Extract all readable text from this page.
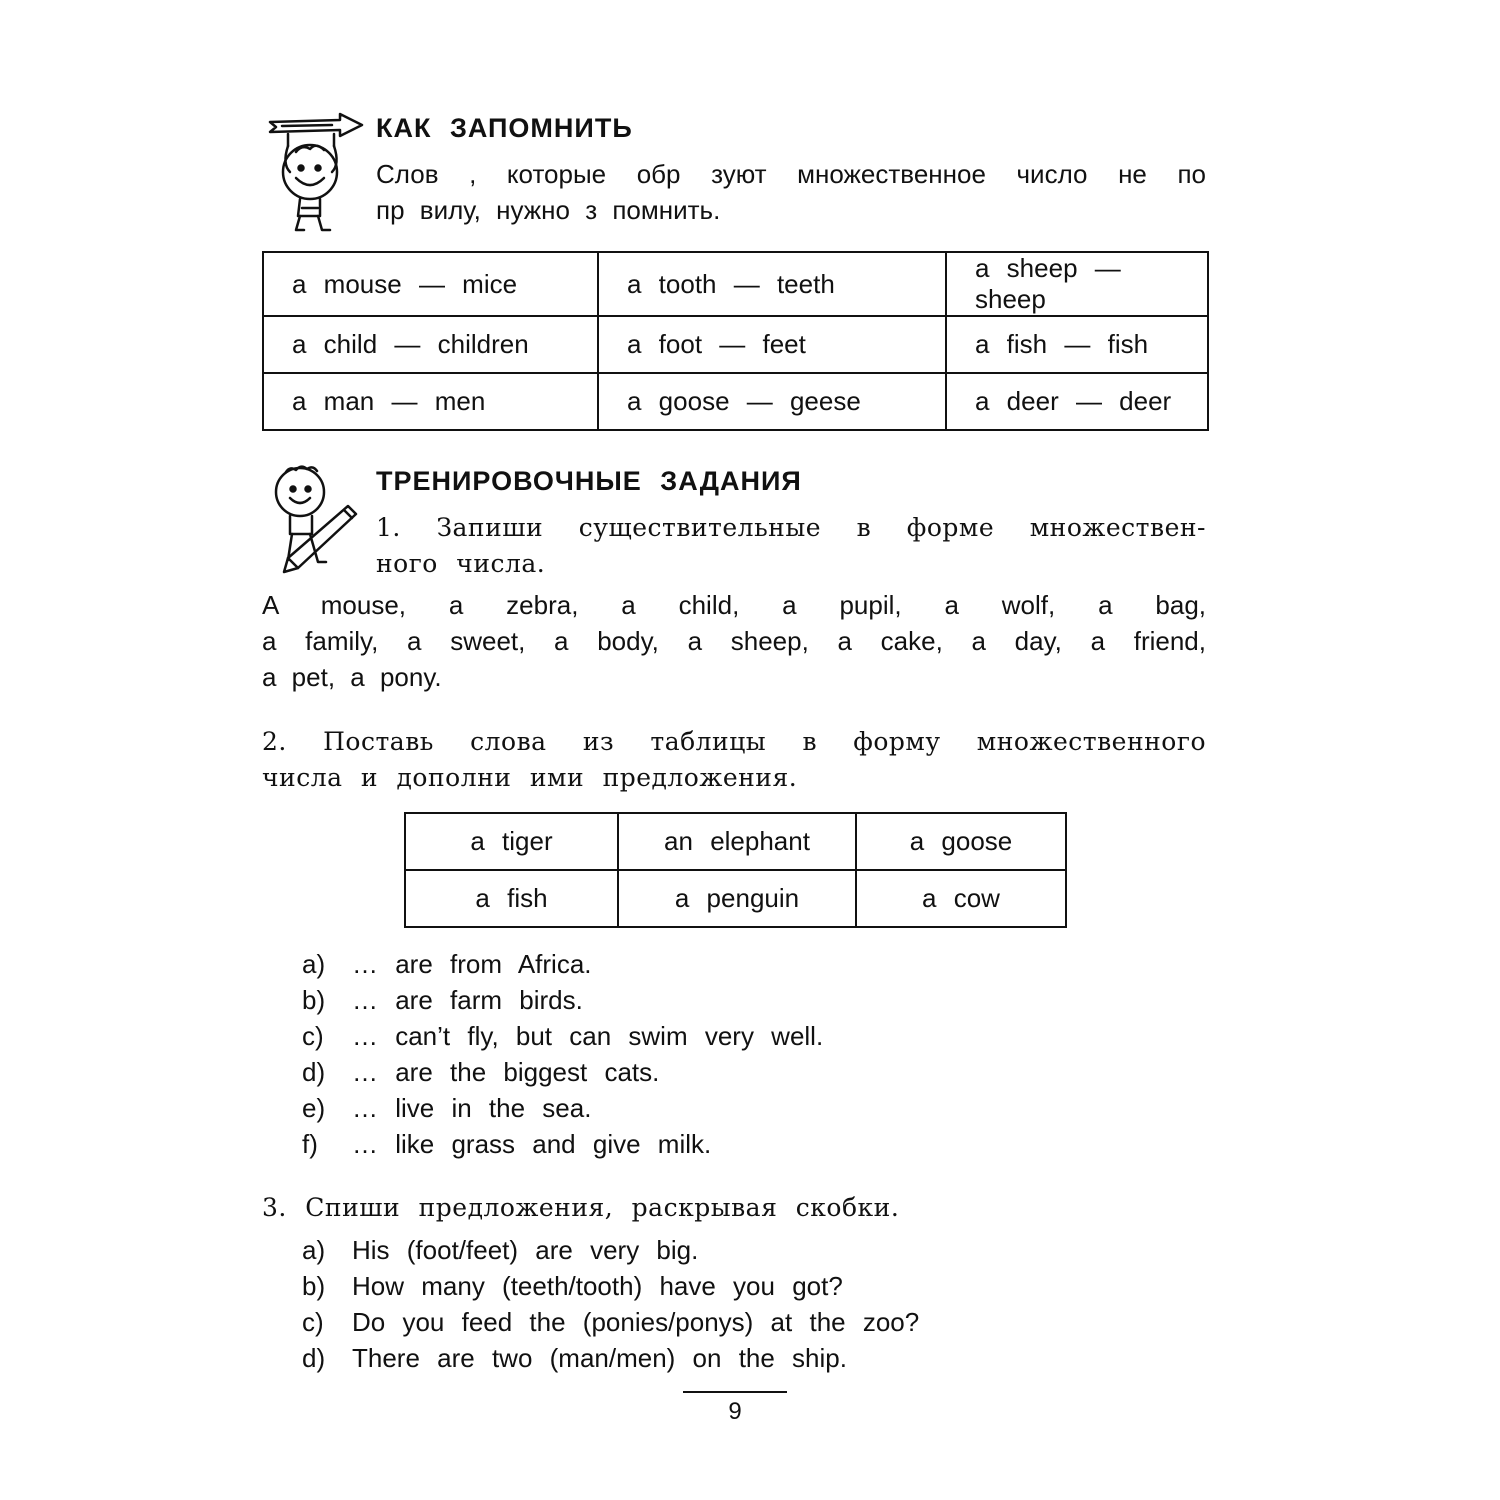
КАК ЗАПОМНИТЬ
Слов , которые обр зуют множественное число не по
пр вилу, нужно з помнить.
a mouse — mice	a tooth — teeth	a sheep — sheep
a child — children	a foot — feet	a fish — fish
a man — men	a goose — geese	a deer — deer
ТРЕНИРОВОЧНЫЕ ЗАДАНИЯ
1. Запиши существительные в форме множествен-
ного числа.
A mouse, a zebra, a child, a pupil, a wolf, a bag,
a family, a sweet, a body, a sheep, a cake, a day, a friend,
a pet, a pony.
2. Поставь слова из таблицы в форму множественного
числа и дополни ими предложения.
a tiger	an elephant	a goose
a fish	a penguin	a cow
a)	… are from Africa.
b)	… are farm birds.
c)	… can’t fly, but can swim very well.
d)	… are the biggest cats.
e)	… live in the sea.
f)	… like grass and give milk.
3. Спиши предложения, раскрывая скобки.
a)	His (foot/feet) are very big.
b)	How many (teeth/tooth) have you got?
c)	Do you feed the (ponies/ponys) at the zoo?
d)	There are two (man/men) on the ship.
9
